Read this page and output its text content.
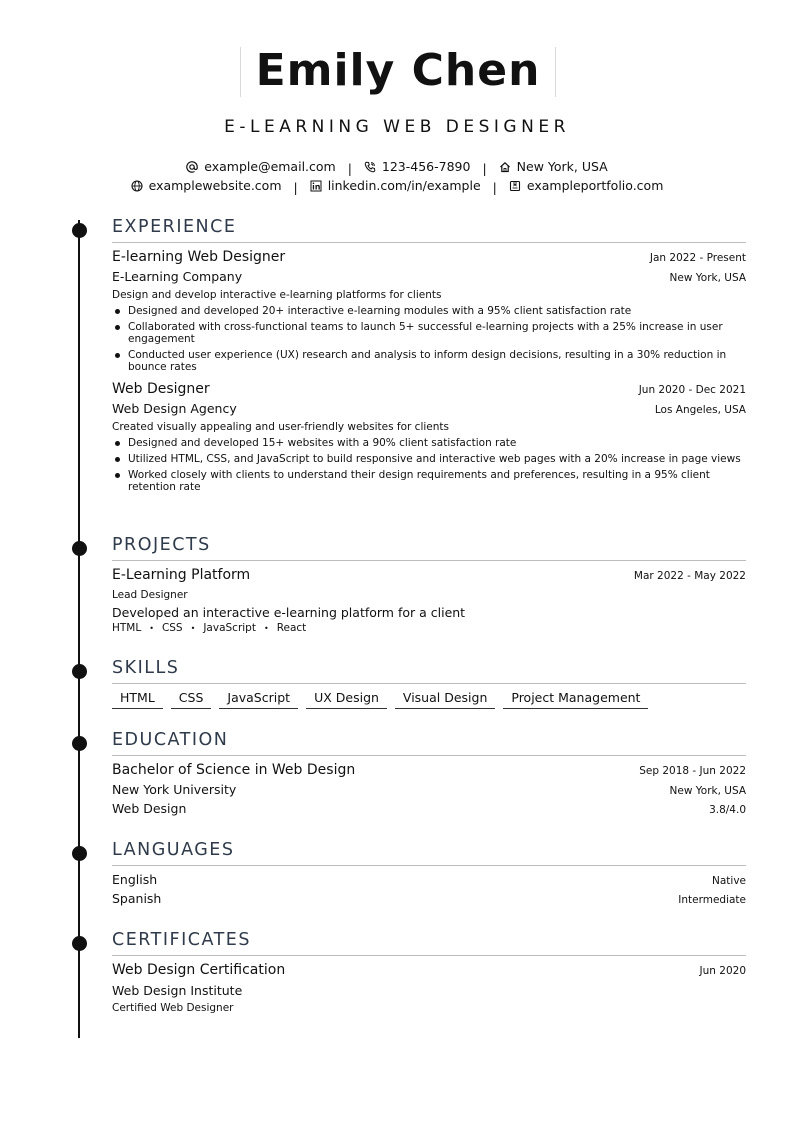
Emily Chen
E-LEARNING WEB DESIGNER
example@email.com | 123-456-7890 | New York, USA
examplewebsite.com | linkedin.com/in/example | exampleportfolio.com
EXPERIENCE
E-learning Web Designer	Jan 2022 - Present
E-Learning Company	New York, USA
Design and develop interactive e-learning platforms for clients
Designed and developed 20+ interactive e-learning modules with a 95% client satisfaction rate
Collaborated with cross-functional teams to launch 5+ successful e-learning projects with a 25% increase in user engagement
Conducted user experience (UX) research and analysis to inform design decisions, resulting in a 30% reduction in bounce rates
Web Designer	Jun 2020 - Dec 2021
Web Design Agency	Los Angeles, USA
Created visually appealing and user-friendly websites for clients
Designed and developed 15+ websites with a 90% client satisfaction rate
Utilized HTML, CSS, and JavaScript to build responsive and interactive web pages with a 20% increase in page views
Worked closely with clients to understand their design requirements and preferences, resulting in a 95% client retention rate
PROJECTS
E-Learning Platform	Mar 2022 - May 2022
Lead Designer
Developed an interactive e-learning platform for a client
HTML • CSS • JavaScript • React
SKILLS
HTML	CSS	JavaScript	UX Design	Visual Design	Project Management
EDUCATION
Bachelor of Science in Web Design	Sep 2018 - Jun 2022
New York University	New York, USA
Web Design	3.8/4.0
LANGUAGES
English	Native
Spanish	Intermediate
CERTIFICATES
Web Design Certification	Jun 2020
Web Design Institute
Certified Web Designer
